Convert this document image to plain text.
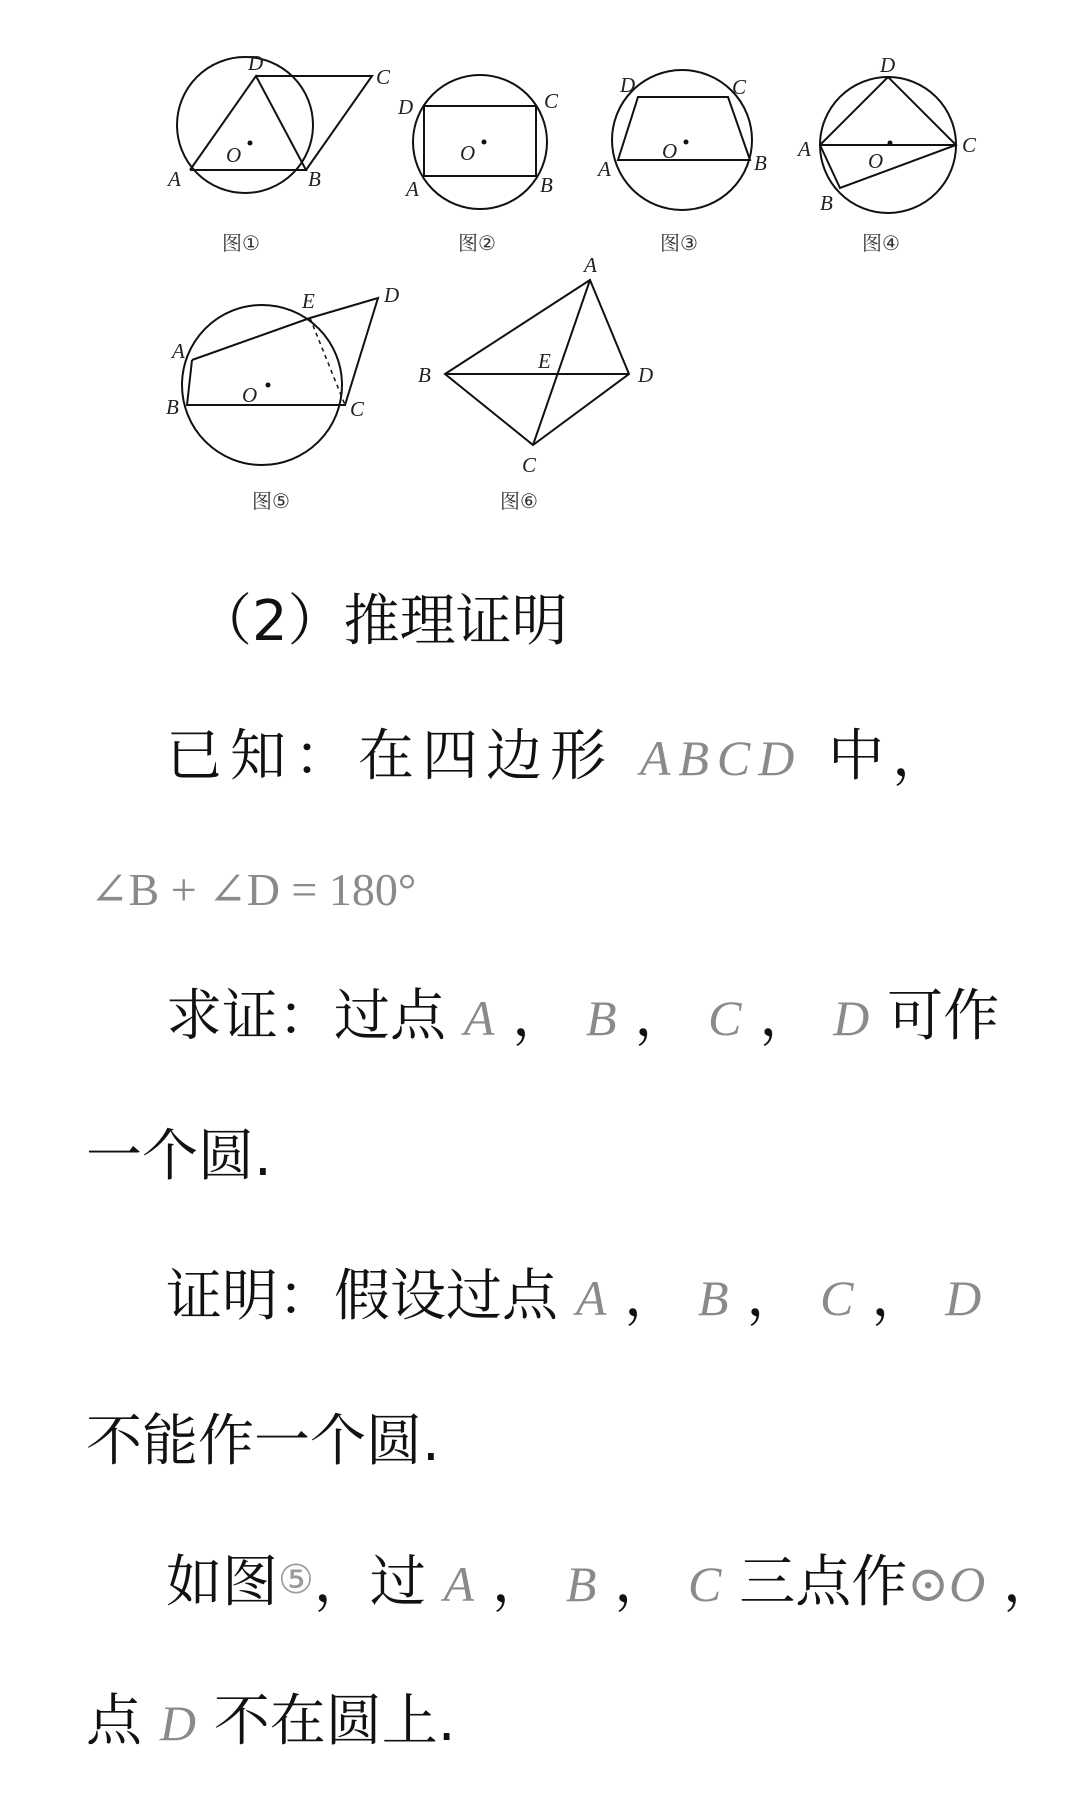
D
C
A	B
O
图①
D	C
A	B
O
图②
D	C
A	B
O
图③
D
C
A
B
O
图④
E	D
A
B	C
O
图⑤
A
B	D
C
E
图⑥
（2）推理证明
已知：在四边形 ABCD 中，
∠B + ∠D = 180°
求证：过点 A ， B ， C ， D 可作
一个圆.
证明：假设过点 A ， B ， C ， D
不能作一个圆.
如图⑤，过 A ， B ， C 三点作⊙O ，
点 D 不在圆上.
